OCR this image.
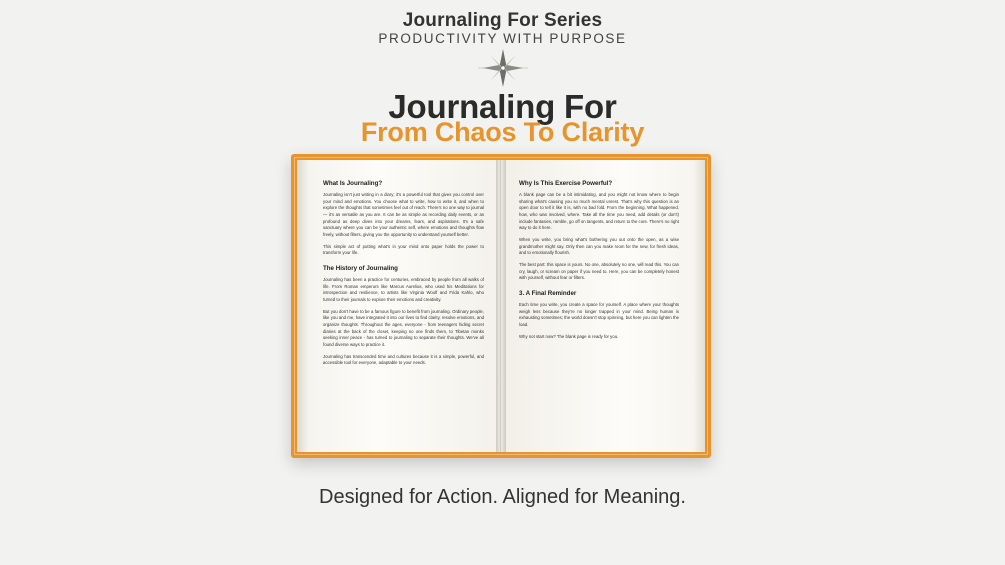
Journaling For Series
PRODUCTIVITY WITH PURPOSE
Journaling For
From Chaos To Clarity
What Is Journaling?

Journaling isn't just writing in a diary; it's a powerful tool that gives you control over your mind and emotions. You choose what to write, how to write it, and when to explore the thoughts that sometimes feel out of reach. There's no one way to journal — it's as versatile as you are. It can be as simple as recording daily events, or as profound as deep dives into your dreams, fears, and aspirations. It's a safe sanctuary where you can be your authentic self, where emotions and thoughts flow freely, without filters, giving you the opportunity to understand yourself better.

This simple act of putting what's in your mind onto paper holds the power to transform your life.

The History of Journaling

Journaling has been a practice for centuries, embraced by people from all walks of life. From Roman emperors like Marcus Aurelius, who used his Meditations for introspection and resilience, to artists like Virginia Woolf and Frida Kahlo, who turned to their journals to explore their emotions and creativity.

But you don't have to be a famous figure to benefit from journaling. Ordinary people, like you and me, have integrated it into our lives to find clarity, resolve emotions, and organize thoughts. Throughout the ages, everyone - from teenagers hiding secret diaries at the back of the closet, keeping no one finds them, to Tibetan monks seeking inner peace - has turned to journaling to separate their thoughts. We've all found diverse ways to practice it.

Journaling has transcended time and cultures because it is a simple, powerful, and accessible tool for everyone, adaptable to your needs.

Why Is This Exercise Powerful?

A blank page can be a bit intimidating, and you might not know where to begin sharing what's causing you so much mental unrest. That's why this question is an open door to tell it like it is, with no bad fold. From the beginning. What happened, how, who was involved, where. Take all the time you need, add details (or don't) include fantasies, ramble, go off on tangents, and return to the core. There's no right way to do it here.

When you write, you bring what's bothering you out onto the open, as a wise grandmother might say. Only then can you make room for the new, for fresh ideas, and to emotionally flourish.

The best part: this space is yours. No one, absolutely no one, will read this. You can cry, laugh, or scream on paper if you need to. Here, you can be completely honest with yourself, without fear or filters.

3. A Final Reminder

Each time you write, you create a space for yourself. A place where your thoughts weigh less because they're no longer trapped in your mind. Being human is exhausting sometimes; the world doesn't stop spinning, but here you can lighten the load.

Why not start now? The blank page is ready for you.

Designed for Action. Aligned for Meaning.
